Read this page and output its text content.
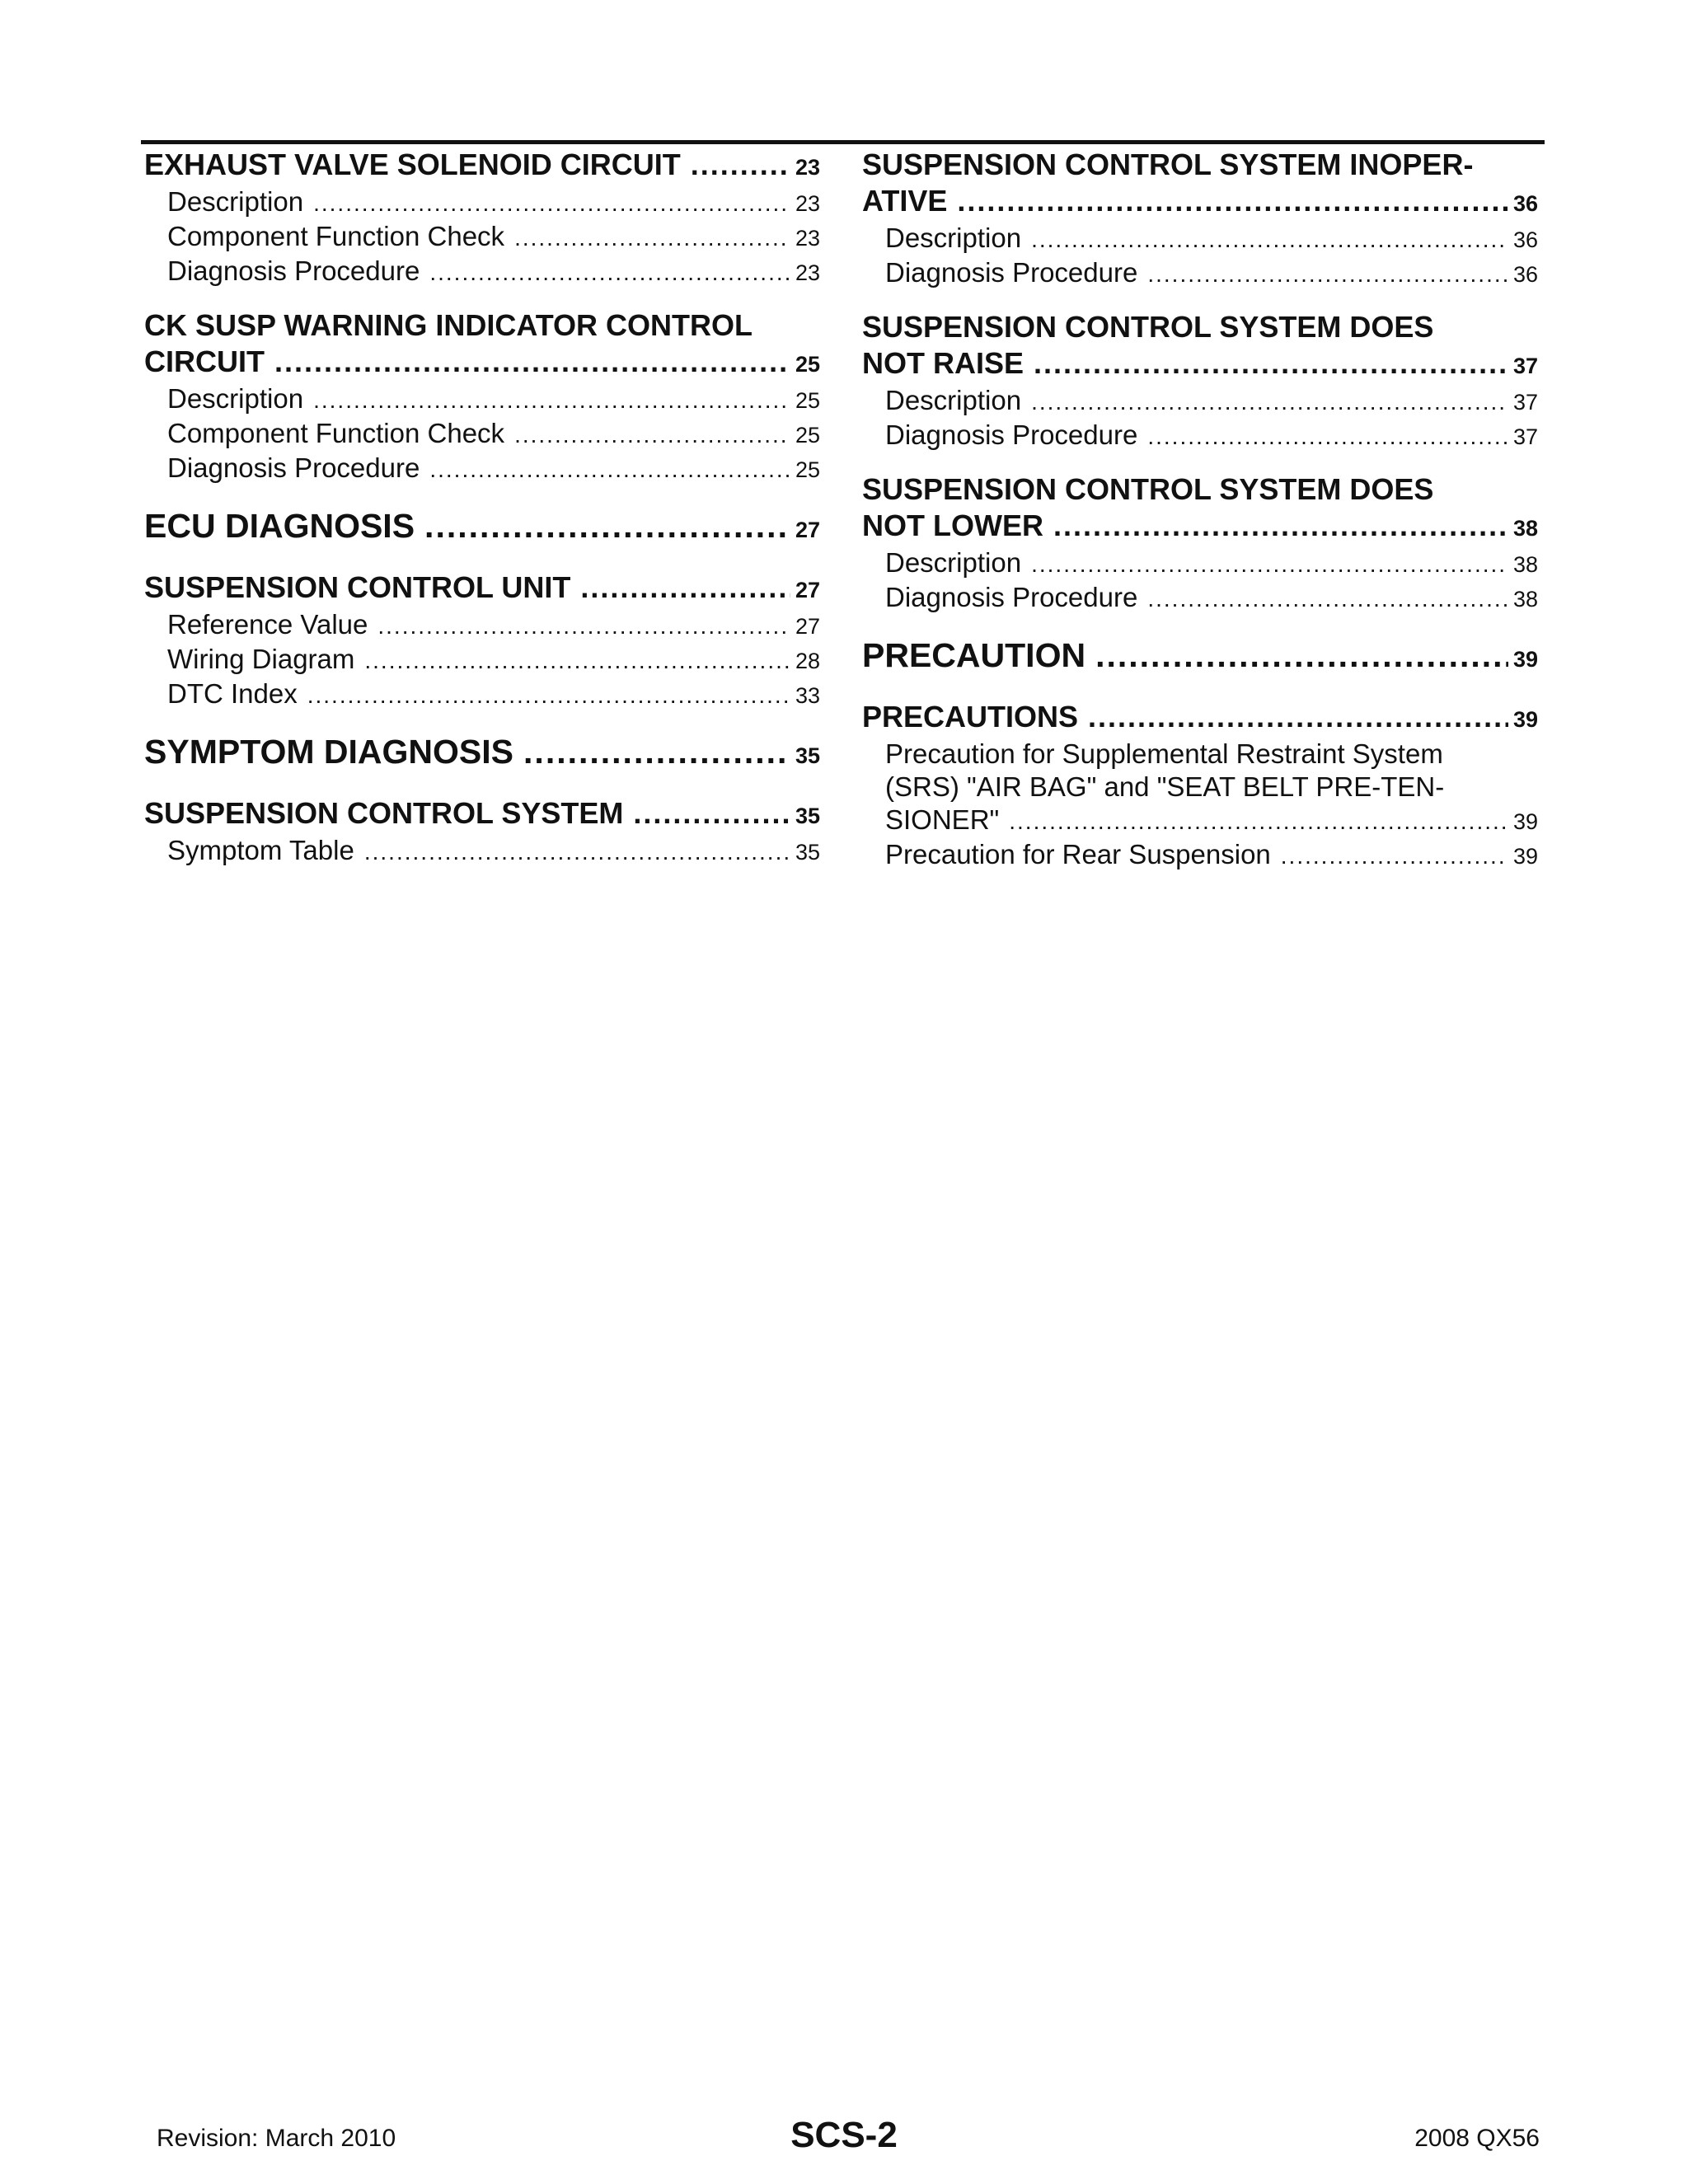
EXHAUST VALVE SOLENOID CIRCUIT .....	23
Description .....	23
Component Function Check .....	23
Diagnosis Procedure .....	23
CK SUSP WARNING INDICATOR CONTROL
CIRCUIT .....	25
Description .....	25
Component Function Check .....	25
Diagnosis Procedure .....	25
ECU DIAGNOSIS .....	27
SUSPENSION CONTROL UNIT .....	27
Reference Value .....	27
Wiring Diagram .....	28
DTC Index .....	33
SYMPTOM DIAGNOSIS .....	35
SUSPENSION CONTROL SYSTEM .....	35
Symptom Table .....	35
SUSPENSION CONTROL SYSTEM INOPER-
ATIVE .....	36
Description .....	36
Diagnosis Procedure .....	36
SUSPENSION CONTROL SYSTEM DOES
NOT RAISE .....	37
Description .....	37
Diagnosis Procedure .....	37
SUSPENSION CONTROL SYSTEM DOES
NOT LOWER .....	38
Description .....	38
Diagnosis Procedure .....	38
PRECAUTION .....	39
PRECAUTIONS .....	39
Precaution for Supplemental Restraint System
(SRS) "AIR BAG" and "SEAT BELT PRE-TEN-
SIONER" .....	39
Precaution for Rear Suspension .....	39
Revision: March 2010	SCS-2	2008 QX56
